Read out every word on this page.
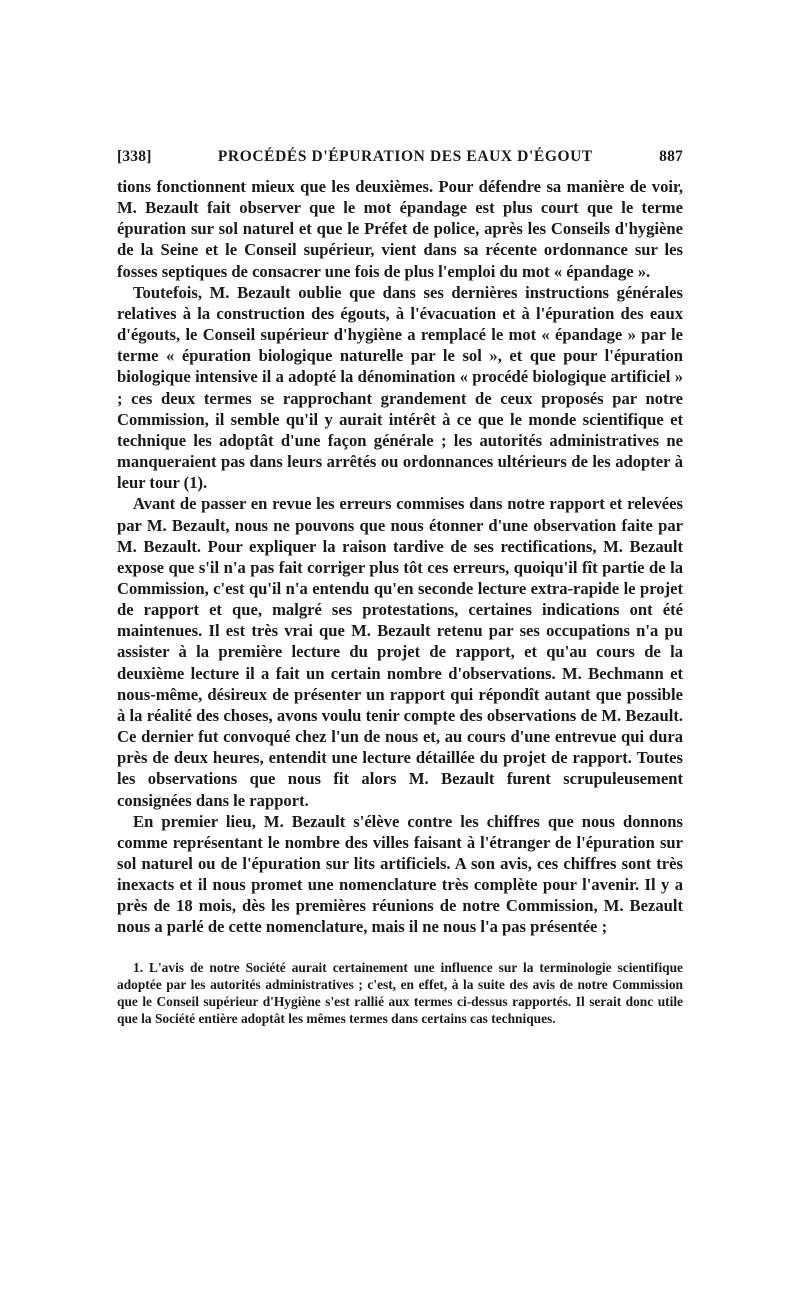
[338]	PROCÉDÉS D'ÉPURATION DES EAUX D'ÉGOUT	887

tions fonctionnent mieux que les deuxièmes. Pour défendre sa manière de voir, M. Bezault fait observer que le mot épandage est plus court que le terme épuration sur sol naturel et que le Préfet de police, après les Conseils d'hygiène de la Seine et le Conseil supérieur, vient dans sa récente ordonnance sur les fosses septiques de consacrer une fois de plus l'emploi du mot « épandage ».

Toutefois, M. Bezault oublie que dans ses dernières instructions générales relatives à la construction des égouts, à l'évacuation et à l'épuration des eaux d'égouts, le Conseil supérieur d'hygiène a remplacé le mot « épandage » par le terme « épuration biologique naturelle par le sol », et que pour l'épuration biologique intensive il a adopté la dénomination « procédé biologique artificiel » ; ces deux termes se rapprochant grandement de ceux proposés par notre Commission, il semble qu'il y aurait intérêt à ce que le monde scientifique et technique les adoptât d'une façon générale ; les autorités administratives ne manqueraient pas dans leurs arrêtés ou ordonnances ultérieurs de les adopter à leur tour (1).

Avant de passer en revue les erreurs commises dans notre rapport et relevées par M. Bezault, nous ne pouvons que nous étonner d'une observation faite par M. Bezault. Pour expliquer la raison tardive de ses rectifications, M. Bezault expose que s'il n'a pas fait corriger plus tôt ces erreurs, quoiqu'il fît partie de la Commission, c'est qu'il n'a entendu qu'en seconde lecture extra-rapide le projet de rapport et que, malgré ses protestations, certaines indications ont été maintenues. Il est très vrai que M. Bezault retenu par ses occupations n'a pu assister à la première lecture du projet de rapport, et qu'au cours de la deuxième lecture il a fait un certain nombre d'observations. M. Bechmann et nous-même, désireux de présenter un rapport qui répondît autant que possible à la réalité des choses, avons voulu tenir compte des observations de M. Bezault. Ce dernier fut convoqué chez l'un de nous et, au cours d'une entrevue qui dura près de deux heures, entendit une lecture détaillée du projet de rapport. Toutes les observations que nous fit alors M. Bezault furent scrupuleusement consignées dans le rapport.

En premier lieu, M. Bezault s'élève contre les chiffres que nous donnons comme représentant le nombre des villes faisant à l'étranger de l'épuration sur sol naturel ou de l'épuration sur lits artificiels. A son avis, ces chiffres sont très inexacts et il nous promet une nomenclature très complète pour l'avenir. Il y a près de 18 mois, dès les premières réunions de notre Commission, M. Bezault nous a parlé de cette nomenclature, mais il ne nous l'a pas présentée ;

1. L'avis de notre Société aurait certainement une influence sur la terminologie scientifique adoptée par les autorités administratives ; c'est, en effet, à la suite des avis de notre Commission que le Conseil supérieur d'Hygiène s'est rallié aux termes ci-dessus rapportés. Il serait donc utile que la Société entière adoptât les mêmes termes dans certains cas techniques.
